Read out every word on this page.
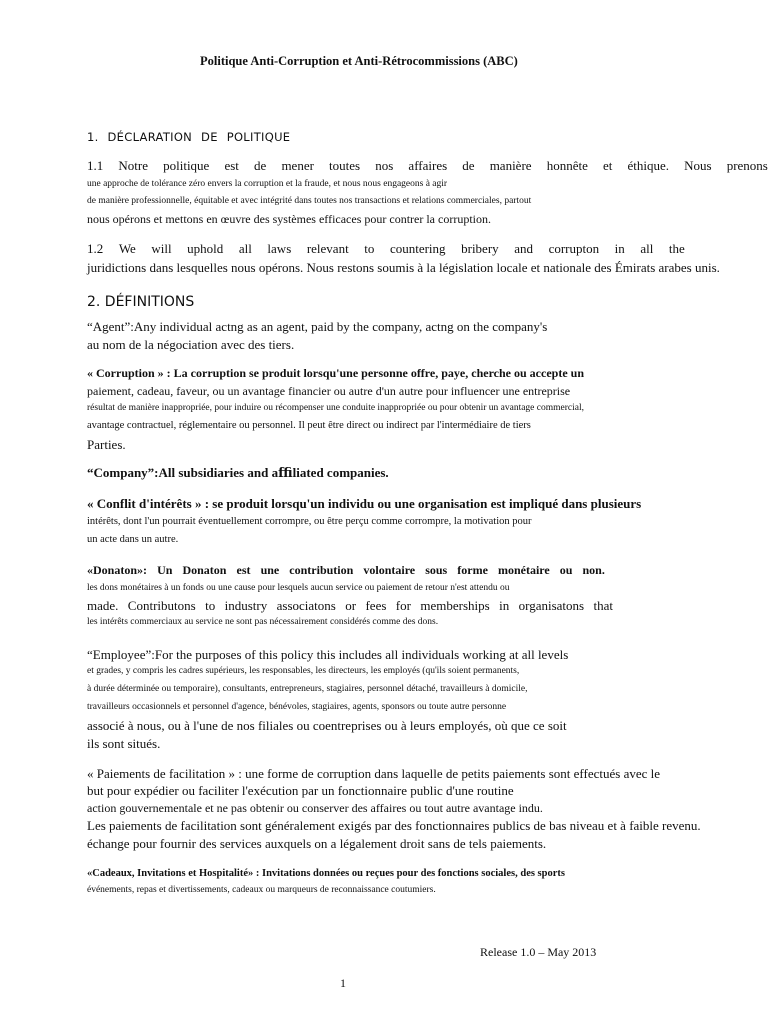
Politique Anti-Corruption et Anti-Rétrocommissions (ABC)
1. DÉCLARATION DE POLITIQUE
1.1 Notre politique est de mener toutes nos affaires de manière honnête et éthique. Nous prenons
une approche de tolérance zéro envers la corruption et la fraude, et nous nous engageons à agir
de manière professionnelle, équitable et avec intégrité dans toutes nos transactions et relations commerciales, partout
nous opérons et mettons en œuvre des systèmes efficaces pour contrer la corruption.
1.2 We will uphold all laws relevant to countering bribery and corrupton in all the
juridictions dans lesquelles nous opérons. Nous restons soumis à la législation locale et nationale des Émirats arabes unis.
2. DÉFINITIONS
“Agent”:Any individual actng as an agent, paid by the company, actng on the company's
au nom de la négociation avec des tiers.
« Corruption » : La corruption se produit lorsqu'une personne offre, paye, cherche ou accepte un
paiement, cadeau, faveur, ou un avantage financier ou autre d'un autre pour influencer une entreprise
résultat de manière inappropriée, pour induire ou récompenser une conduite inappropriée ou pour obtenir un avantage commercial,
avantage contractuel, réglementaire ou personnel. Il peut être direct ou indirect par l'intermédiaire de tiers
Parties.
“Company”:All subsidiaries and aﬃliated companies.
« Conflit d'intérêts » : se produit lorsqu'un individu ou une organisation est impliqué dans plusieurs
intérêts, dont l'un pourrait éventuellement corrompre, ou être perçu comme corrompre, la motivation pour
un acte dans un autre.
«Donaton»: Un Donaton est une contribution volontaire sous forme monétaire ou non.
les dons monétaires à un fonds ou une cause pour lesquels aucun service ou paiement de retour n'est attendu ou
made. Contributons to industry associatons or fees for memberships in organisatons that
les intérêts commerciaux au service ne sont pas nécessairement considérés comme des dons.
“Employee”:For the purposes of this policy this includes all individuals working at all levels
et grades, y compris les cadres supérieurs, les responsables, les directeurs, les employés (qu'ils soient permanents,
à durée déterminée ou temporaire), consultants, entrepreneurs, stagiaires, personnel détaché, travailleurs à domicile,
travailleurs occasionnels et personnel d'agence, bénévoles, stagiaires, agents, sponsors ou toute autre personne
associé à nous, ou à l'une de nos filiales ou coentreprises ou à leurs employés, où que ce soit
ils sont situés.
« Paiements de facilitation » : une forme de corruption dans laquelle de petits paiements sont effectués avec le
but pour expédier ou faciliter l'exécution par un fonctionnaire public d'une routine
action gouvernementale et ne pas obtenir ou conserver des affaires ou tout autre avantage indu.
Les paiements de facilitation sont généralement exigés par des fonctionnaires publics de bas niveau et à faible revenu.
échange pour fournir des services auxquels on a légalement droit sans de tels paiements.
«Cadeaux, Invitations et Hospitalité» : Invitations données ou reçues pour des fonctions sociales, des sports
événements, repas et divertissements, cadeaux ou marqueurs de reconnaissance coutumiers.
Release 1.0 – May 2013
1
